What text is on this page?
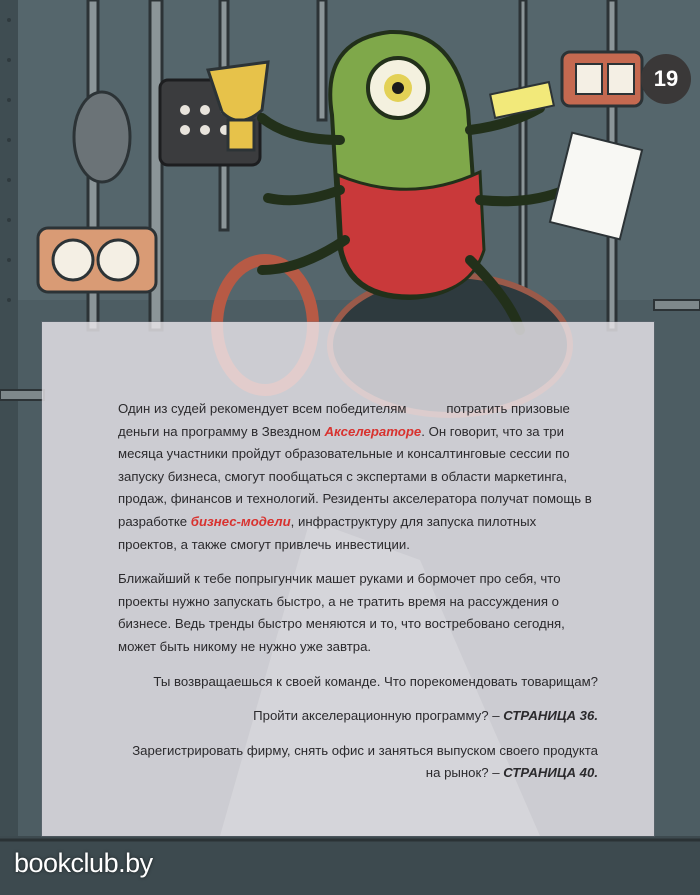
19

Один из судей рекомендует всем победителям	потратить призовые деньги на программу в Звездном Акселераторе. Он говорит, что за три месяца участники пройдут образовательные и консалтинговые сессии по запуску бизнеса, смогут пообщаться с экспертами в области маркетинга, продаж, финансов и технологий. Резиденты акселератора получат помощь в разработке бизнес-модели, инфраструктуру для запуска пилотных проектов, а также смогут привлечь инвестиции.

Ближайший к тебе попрыгунчик машет руками и бормочет про себя, что проекты нужно запускать быстро, а не тратить время на рассуждения о бизнесе. Ведь тренды быстро меняются и то, что востребовано сегодня, может быть никому не нужно уже завтра.

Ты возвращаешься к своей команде. Что порекомендовать товарищам?

Пройти акселерационную программу? – СТРАНИЦА 36.

Зарегистрировать фирму, снять офис и заняться выпуском своего продукта на рынок? – СТРАНИЦА 40.

bookclub.by
